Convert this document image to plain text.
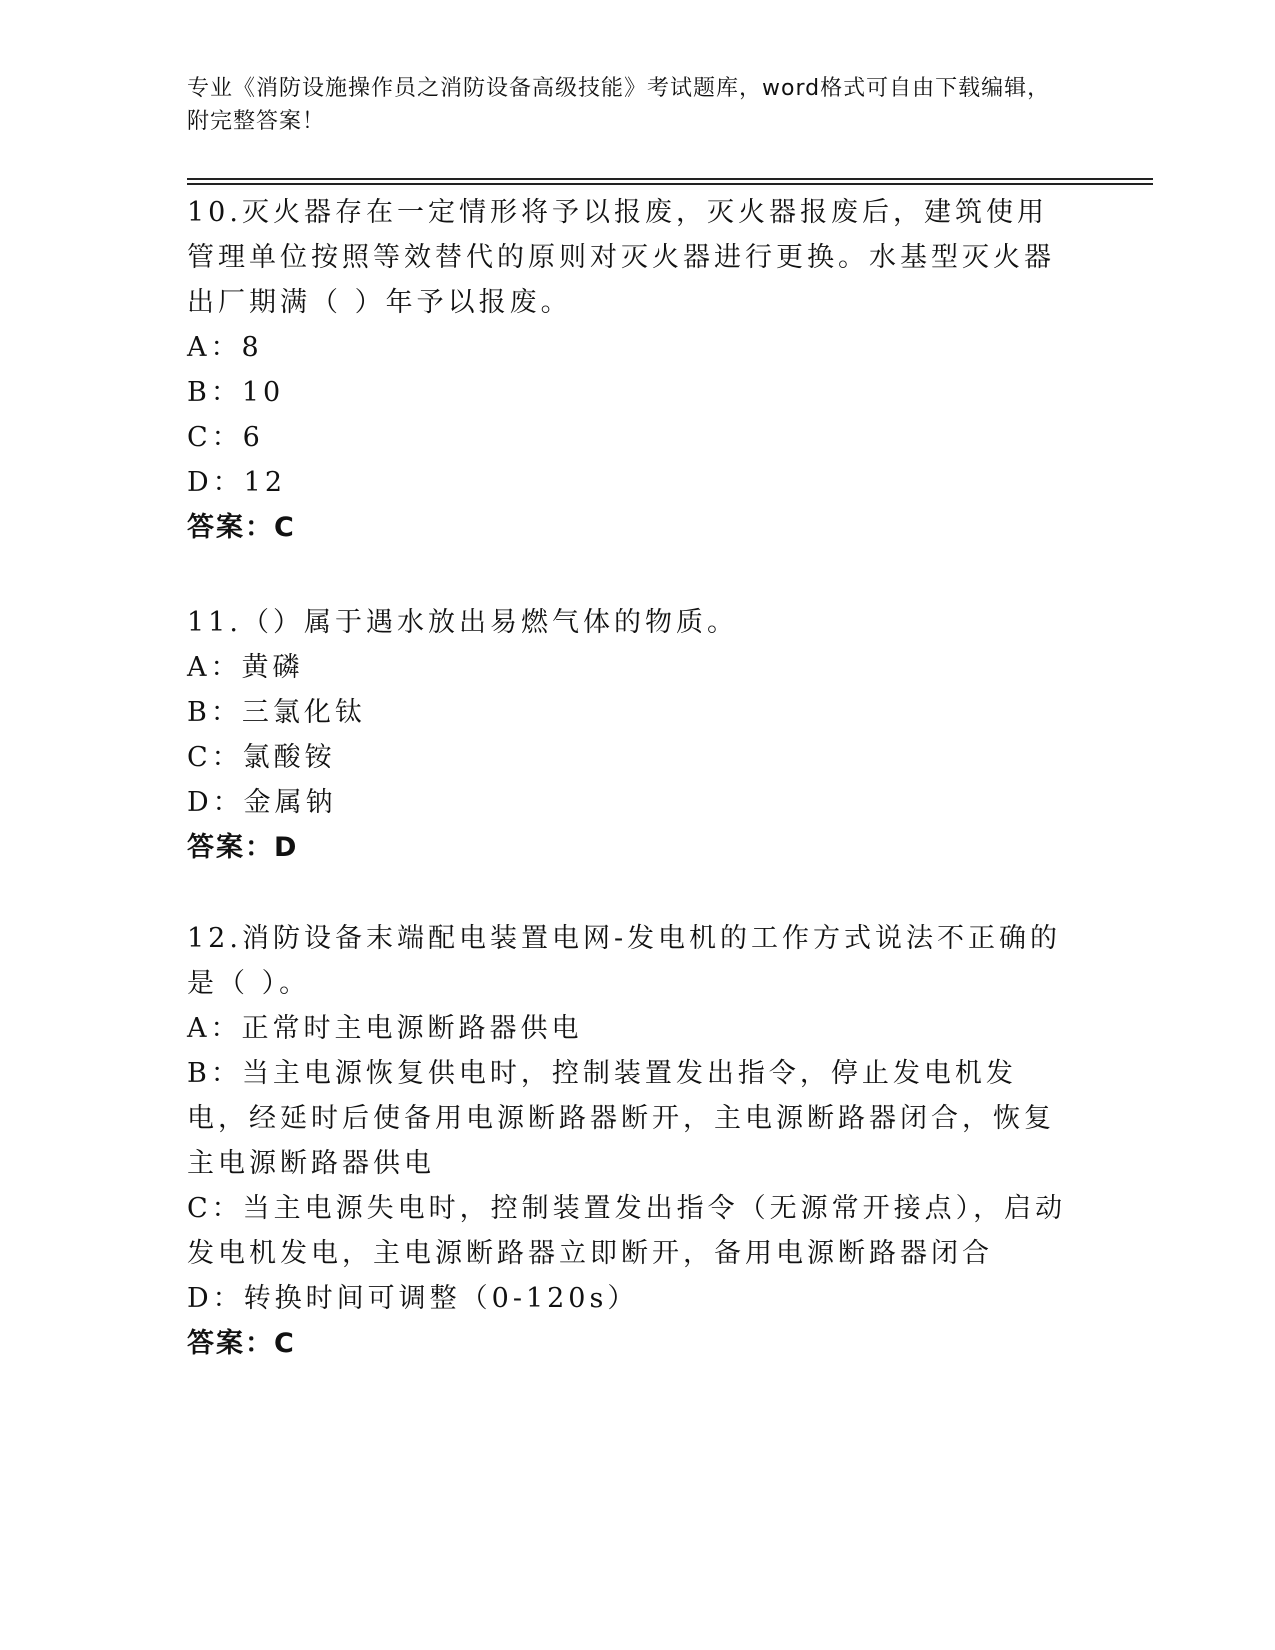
专业《消防设施操作员之消防设备高级技能》考试题库，word格式可自由下载编辑，附完整答案！
10.灭火器存在一定情形将予以报废，灭火器报废后，建筑使用管理单位按照等效替代的原则对灭火器进行更换。水基型灭火器出厂期满（ ）年予以报废。
A：8
B：10
C：6
D：12
答案：C
11.（）属于遇水放出易燃气体的物质。
A：黄磷
B：三氯化钛
C：氯酸铵
D：金属钠
答案：D
12.消防设备末端配电装置电网-发电机的工作方式说法不正确的是（ ）。
A：正常时主电源断路器供电
B：当主电源恢复供电时，控制装置发出指令，停止发电机发电，经延时后使备用电源断路器断开，主电源断路器闭合，恢复主电源断路器供电
C：当主电源失电时，控制装置发出指令（无源常开接点），启动发电机发电，主电源断路器立即断开，备用电源断路器闭合
D：转换时间可调整（0-120s）
答案：C
